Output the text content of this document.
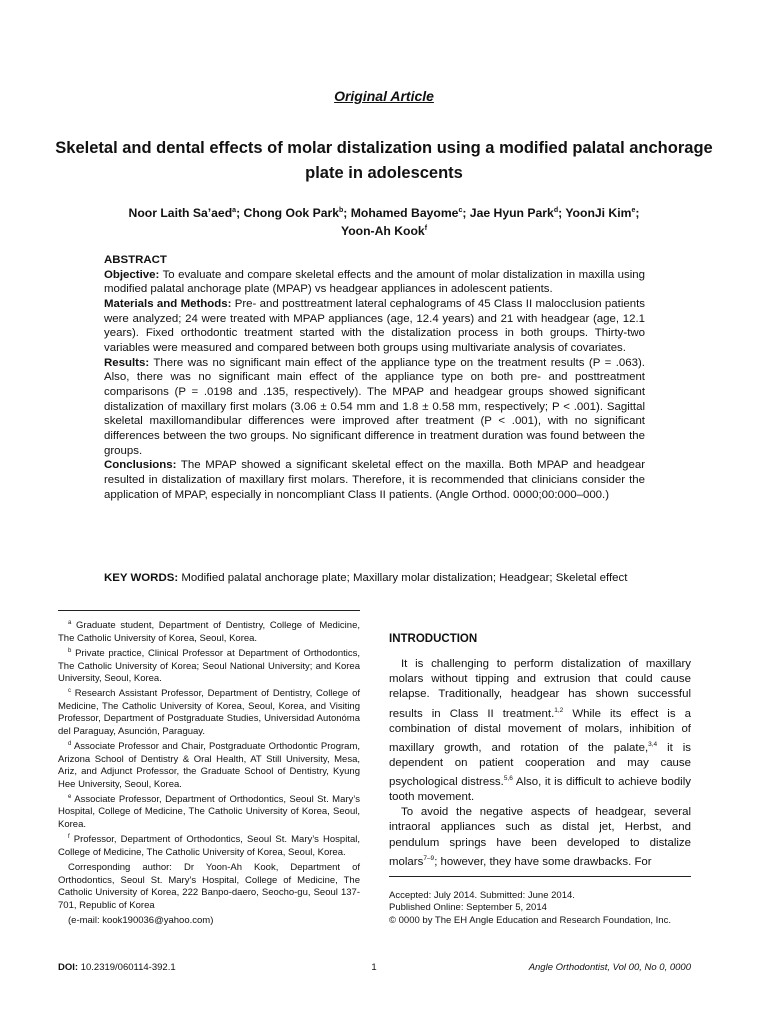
Original Article
Skeletal and dental effects of molar distalization using a modified palatal anchorage plate in adolescents
Noor Laith Sa’aed$^a$; Chong Ook Park$^b$; Mohamed Bayome$^c$; Jae Hyun Park$^d$; YoonJi Kim$^e$;
Yoon-Ah Kook$^f$

ABSTRACT

Objective: To evaluate and compare skeletal effects and the amount of molar distalization in maxilla using modified palatal anchorage plate (MPAP) vs headgear appliances in adolescent patients.

Materials and Methods: Pre- and posttreatment lateral cephalograms of 45 Class II malocclusion patients were analyzed; 24 were treated with MPAP appliances (age, 12.4 years) and 21 with headgear (age, 12.1 years). Fixed orthodontic treatment started with the distalization process in both groups. Thirty-two variables were measured and compared between both groups using multivariate analysis of covariates.

Results: There was no significant main effect of the appliance type on the treatment results (P = .063). Also, there was no significant main effect of the appliance type on both pre- and posttreatment comparisons (P = .0198 and .135, respectively). The MPAP and headgear groups showed significant distalization of maxillary first molars (3.06 ± 0.54 mm and 1.8 ± 0.58 mm, respectively; P < .001). Sagittal skeletal maxillomandibular differences were improved after treatment (P < .001), with no significant differences between the two groups. No significant difference in treatment duration was found between the groups.

Conclusions: The MPAP showed a significant skeletal effect on the maxilla. Both MPAP and headgear resulted in distalization of maxillary first molars. Therefore, it is recommended that clinicians consider the application of MPAP, especially in noncompliant Class II patients. (Angle Orthod. 0000;00:000–000.)

KEY WORDS: Modified palatal anchorage plate; Maxillary molar distalization; Headgear; Skeletal effect

$^a$ Graduate student, Department of Dentistry, College of Medicine, The Catholic University of Korea, Seoul, Korea.

$^b$ Private practice, Clinical Professor at Department of Orthodontics, The Catholic University of Korea; Seoul National University; and Korea University, Seoul, Korea.

$^c$ Research Assistant Professor, Department of Dentistry, College of Medicine, The Catholic University of Korea, Seoul, Korea, and Visiting Professor, Department of Postgraduate Studies, Universidad Autonóma del Paraguay, Asunción, Paraguay.

$^d$ Associate Professor and Chair, Postgraduate Orthodontic Program, Arizona School of Dentistry & Oral Health, AT Still University, Mesa, Ariz, and Adjunct Professor, the Graduate School of Dentistry, Kyung Hee University, Seoul, Korea.

$^e$ Associate Professor, Department of Orthodontics, Seoul St. Mary’s Hospital, College of Medicine, The Catholic University of Korea, Seoul, Korea.

$^f$ Professor, Department of Orthodontics, Seoul St. Mary’s Hospital, College of Medicine, The Catholic University of Korea, Seoul, Korea.

Corresponding author: Dr Yoon-Ah Kook, Department of Orthodontics, Seoul St. Mary’s Hospital, College of Medicine, The Catholic University of Korea, 222 Banpo-daero, Seocho-gu, Seoul 137-701, Republic of Korea

(e-mail: kook190036@yahoo.com)

INTRODUCTION

It is challenging to perform distalization of maxillary molars without tipping and extrusion that could cause relapse. Traditionally, headgear has shown successful results in Class II treatment.$^{1,2}$ While its effect is a combination of distal movement of molars, inhibition of maxillary growth, and rotation of the palate,$^{3,4}$ it is dependent on patient cooperation and may cause psychological distress.$^{5,6}$ Also, it is difficult to achieve bodily tooth movement.

To avoid the negative aspects of headgear, several intraoral appliances such as distal jet, Herbst, and pendulum springs have been developed to distalize molars$^{7-9}$; however, they have some drawbacks. For

Accepted: July 2014. Submitted: June 2014.

Published Online: September 5, 2014

© 0000 by The EH Angle Education and Research Foundation, Inc.

DOI: 10.2319/060114-392.1	1	Angle Orthodontist, Vol 00, No 0, 0000
